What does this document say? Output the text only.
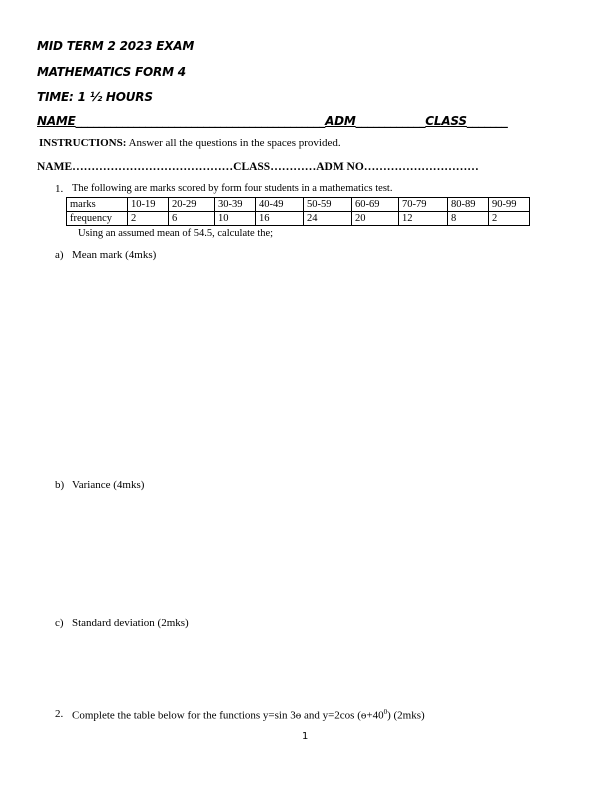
MID TERM 2 2023 EXAM
MATHEMATICS FORM 4
TIME: 1 ½ HOURS
NAME___________________________________________ADM____________CLASS_______
INSTRUCTIONS: Answer all the questions in the spaces provided.
NAME……………………………………CLASS…………ADM NO…………………………
1. The following are marks scored by form four students in a mathematics test.
marks	10-19	20-29	30-39	40-49	50-59	60-69	70-79	80-89	90-99
frequency	2	6	10	16	24	20	12	8	2
Using an assumed mean of 54.5, calculate the;
a) Mean mark (4mks)
b) Variance (4mks)
c) Standard deviation (2mks)
2. Complete the table below for the functions y=sin 3ɵ and y=2cos $(ɵ+40^0)$ (2mks)
1
